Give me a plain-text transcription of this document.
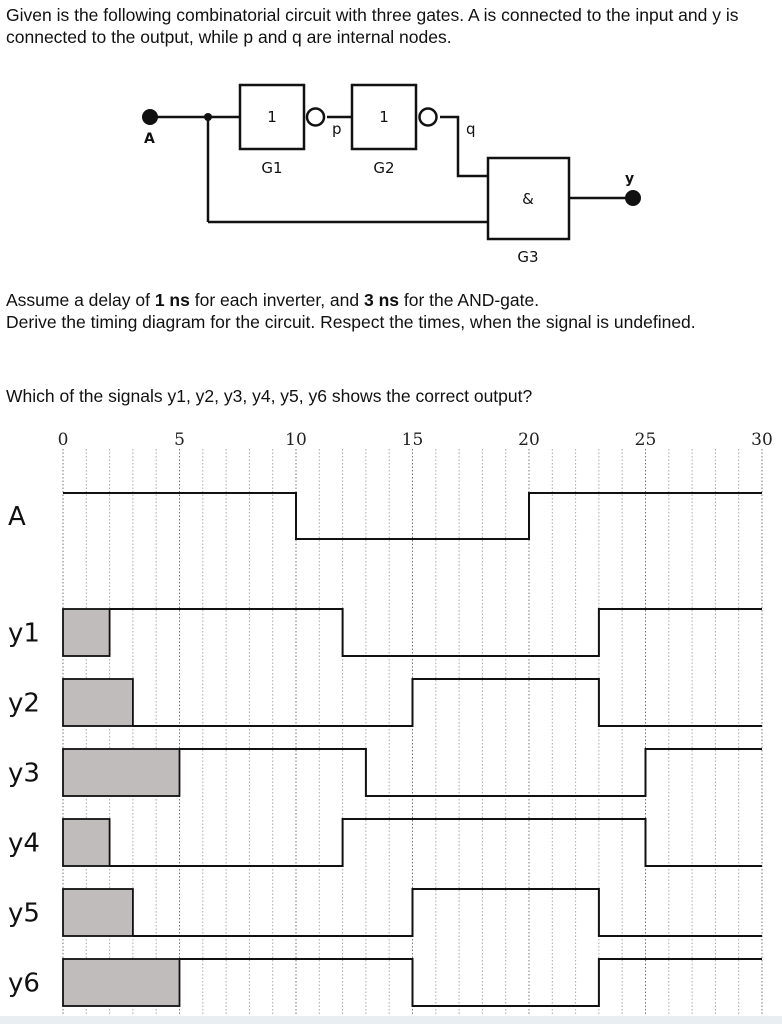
Given is the following combinatorial circuit with three gates. A is connected to the input and y is connected to the output, while p and q are internal nodes.

A
y
p	q
1	1
&
G1	G2
G3

Assume a delay of 1 ns for each inverter, and 3 ns for the AND-gate.
Derive the timing diagram for the circuit. Respect the times, when the signal is undefined.

Which of the signals y1, y2, y3, y4, y5, y6 shows the correct output?

0	5	10	15	20	25	30
A
y1
y2
y3
y4
y5
y6
